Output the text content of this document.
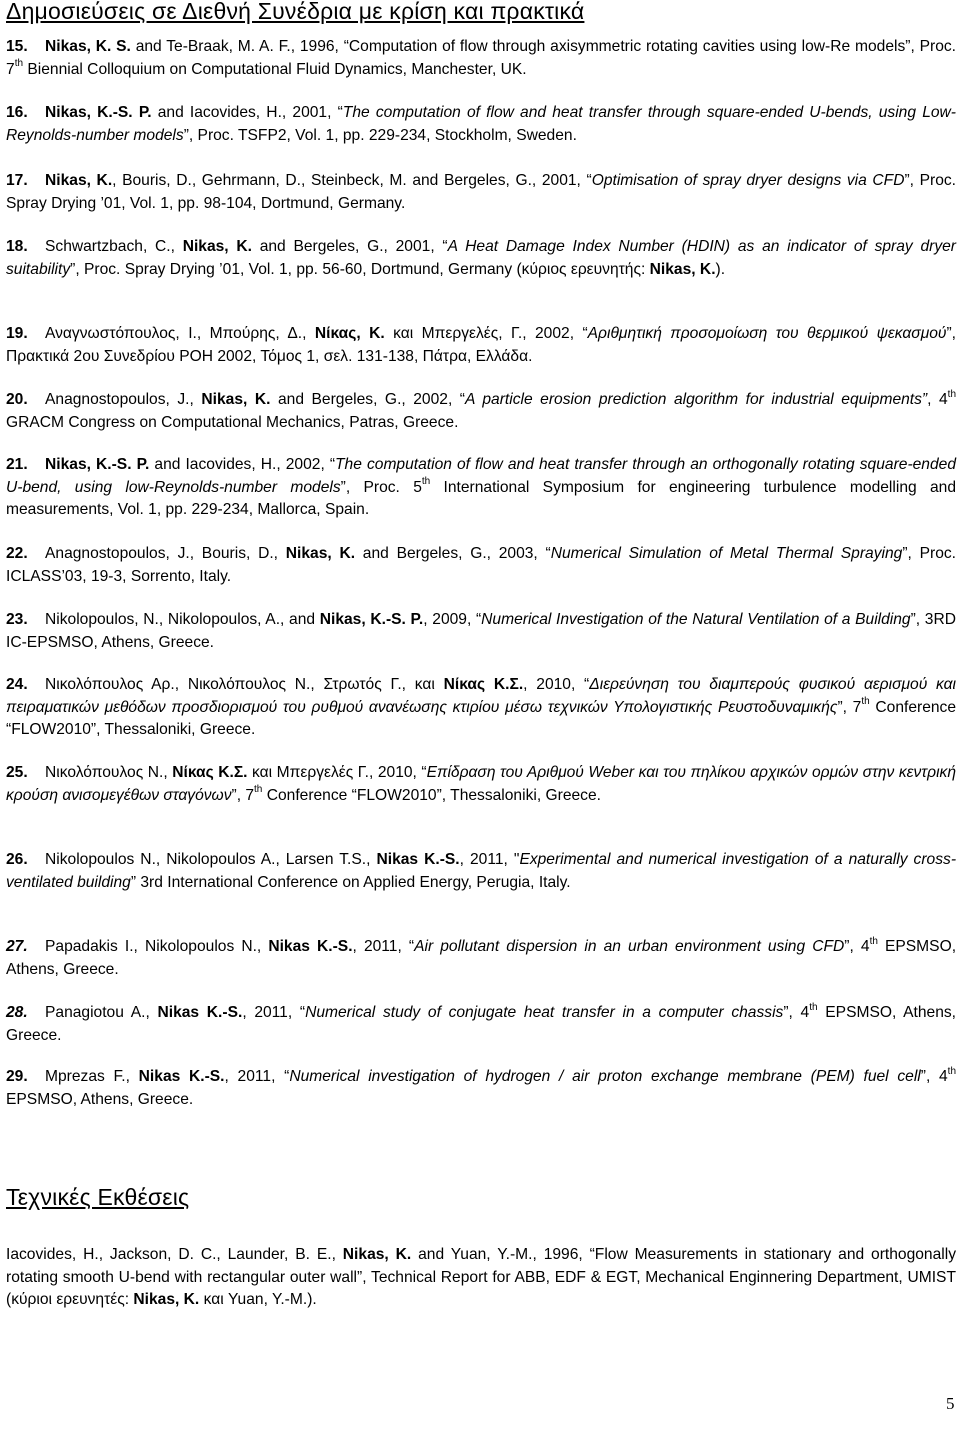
Δημοσιεύσεις σε Διεθνή Συνέδρια με κρίση και πρακτικά
15. Nikas, K. S. and Te-Braak, M. A. F., 1996, “Computation of flow through axisymmetric rotating cavities using low-Re models”, Proc. 7th Biennial Colloquium on Computational Fluid Dynamics, Manchester, UK.
16. Nikas, K.-S. P. and Iacovides, H., 2001, “The computation of flow and heat transfer through square-ended U-bends, using Low-Reynolds-number models”, Proc. TSFP2, Vol. 1, pp. 229-234, Stockholm, Sweden.
17. Nikas, K., Bouris, D., Gehrmann, D., Steinbeck, M. and Bergeles, G., 2001, “Optimisation of spray dryer designs via CFD”, Proc. Spray Drying ’01, Vol. 1, pp. 98-104, Dortmund, Germany.
18. Schwartzbach, C., Nikas, K. and Bergeles, G., 2001, “A Heat Damage Index Number (HDIN) as an indicator of spray dryer suitability”, Proc. Spray Drying ’01, Vol. 1, pp. 56-60, Dortmund, Germany (κύριος ερευνητής: Nikas, K.).
19. Αναγνωστόπουλος, Ι., Μπούρης, Δ., Νίκας, Κ. και Μπεργελές, Γ., 2002, “Αριθμητική προσομοίωση του θερμικού ψεκασμού”, Πρακτικά 2ου Συνεδρίου ΡΟΗ 2002, Τόμος 1, σελ. 131-138, Πάτρα, Ελλάδα.
20. Anagnostopoulos, J., Nikas, K. and Bergeles, G., 2002, “A particle erosion prediction algorithm for industrial equipments”, 4th GRACM Congress on Computational Mechanics, Patras, Greece.
21. Nikas, K.-S. P. and Iacovides, H., 2002, “The computation of flow and heat transfer through an orthogonally rotating square-ended U-bend, using low-Reynolds-number models”, Proc. 5th International Symposium for engineering turbulence modelling and measurements, Vol. 1, pp. 229-234, Mallorca, Spain.
22. Anagnostopoulos, J., Bouris, D., Nikas, K. and Bergeles, G., 2003, “Numerical Simulation of Metal Thermal Spraying”, Proc. ICLASS’03, 19-3, Sorrento, Italy.
23. Nikolopoulos, N., Nikolopoulos, A., and Nikas, K.-S. P., 2009, “Numerical Investigation of the Natural Ventilation of a Building”, 3RD IC-EPSMSO, Athens, Greece.
24. Νικολόπουλος Αρ., Νικολόπουλος Ν., Στρωτός Γ., και Νίκας Κ.Σ., 2010, “Διερεύνηση του διαμπερούς φυσικού αερισμού και πειραματικών μεθόδων προσδιορισμού του ρυθμού ανανέωσης κτιρίου μέσω τεχνικών Υπολογιστικής Ρευστοδυναμικής”, 7th Conference “FLOW2010”, Thessaloniki, Greece.
25. Νικολόπουλος Ν., Νίκας Κ.Σ. και Μπεργελές Γ., 2010, “Επίδραση του Αριθμού Weber και του πηλίκου αρχικών ορμών στην κεντρική κρούση ανισομεγέθων σταγόνων”, 7th Conference “FLOW2010”, Thessaloniki, Greece.
26. Nikolopoulos N., Nikolopoulos A., Larsen T.S., Nikas K.-S., 2011, "Experimental and numerical investigation of a naturally cross-ventilated building” 3rd International Conference on Applied Energy, Perugia, Italy.
27. Papadakis I., Nikolopoulos N., Nikas K.-S., 2011, “Air pollutant dispersion in an urban environment using CFD”, 4th EPSMSO, Athens, Greece.
28. Panagiotou A., Nikas K.-S., 2011, “Numerical study of conjugate heat transfer in a computer chassis”, 4th EPSMSO, Athens, Greece.
29. Mprezas F., Nikas K.-S., 2011, “Numerical investigation of hydrogen / air proton exchange membrane (PEM) fuel cell”, 4th EPSMSO, Athens, Greece.
Τεχνικές Εκθέσεις
Iacovides, H., Jackson, D. C., Launder, B. E., Nikas, K. and Yuan, Y.-M., 1996, “Flow Measurements in stationary and orthogonally rotating smooth U-bend with rectangular outer wall”, Technical Report for ABB, EDF & EGT, Mechanical Enginnering Department, UMIST (κύριοι ερευνητές: Nikas, K. και Yuan, Y.-M.).
5
